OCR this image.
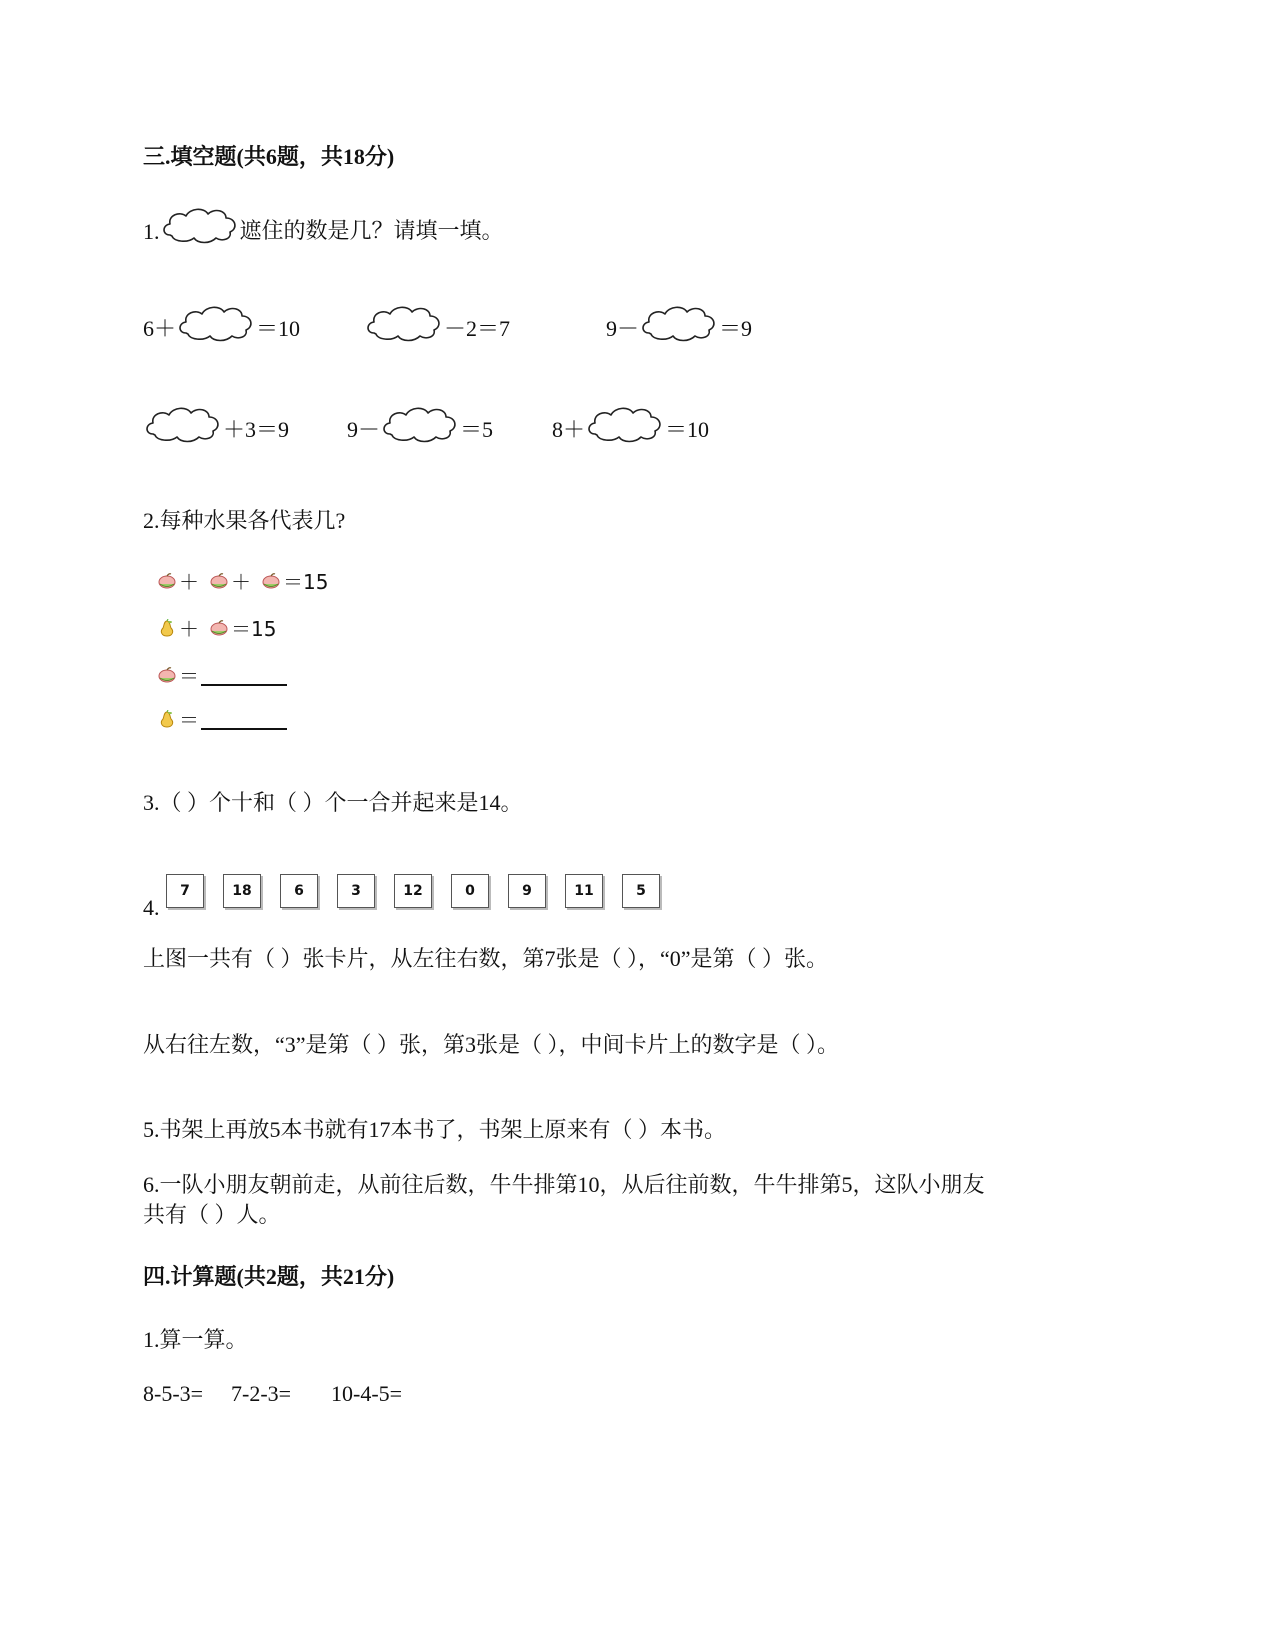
三.填空题(共6题，共18分)
1.	遮住的数是几？请填一填。
6＋	＝10	－2＝7	9－	＝9
＋3＝9	9－	＝5	8＋	＝10
2.每种水果各代表几?
＋ ＋ ＝15
＋ ＝15
＝
＝
3.（ ）个十和（ ）个一合并起来是14。
4.
7	18	6	3	12	0	9	11	5
上图一共有（ ）张卡片，从左往右数，第7张是（ ），“0”是第（ ）张。
从右往左数，“3”是第（ ）张，第3张是（ ），中间卡片上的数字是（ ）。
5.书架上再放5本书就有17本书了，书架上原来有（ ）本书。
6.一队小朋友朝前走，从前往后数，牛牛排第10，从后往前数，牛牛排第5，这队小朋友
共有（ ）人。
四.计算题(共2题，共21分)
1.算一算。
8-5-3= 7-2-3= 10-4-5=
